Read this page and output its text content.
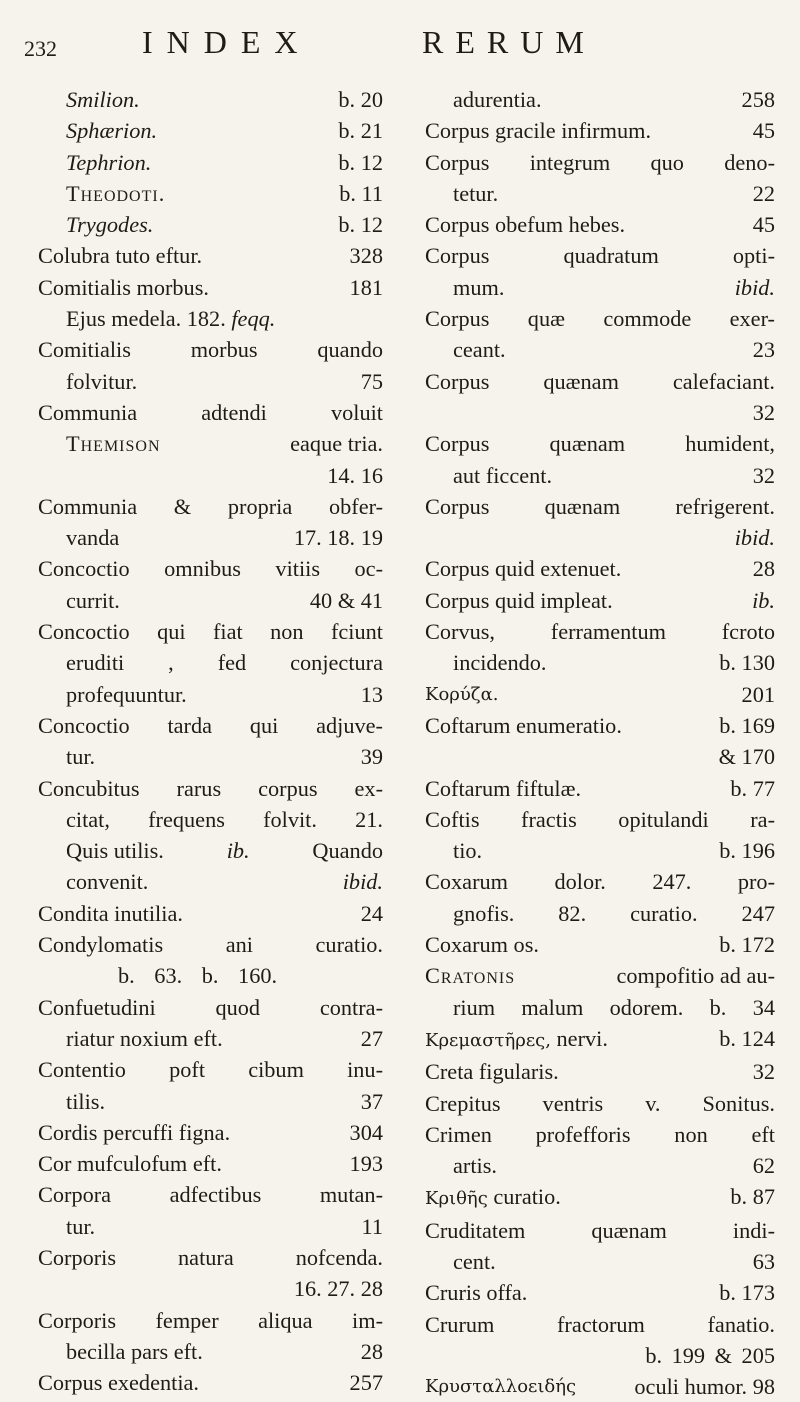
232	INDEX	RERUM
Smilion.	b. 20
Sphærion.	b. 21
Tephrion.	b. 12
Theodoti.	b. 11
Trygodes.	b. 12
Colubra tuto eftur.	328
Comitialis morbus.	181
Ejus medela. 182. feqq.
Comitialis morbus quando
folvitur.	75
Communia adtendi voluit
Themison	eaque tria.
14. 16
Communia & propria obfer-
vanda	17. 18. 19
Concoctio omnibus vitiis oc-
currit.	40 & 41
Concoctio qui fiat non fciunt
eruditi , fed conjectura
profequuntur.	13
Concoctio tarda qui adjuve-
tur.	39
Concubitus rarus corpus ex-
citat, frequens folvit. 21.
Quis utilis.	ib.	Quando
convenit.	ibid.
Condita inutilia.	24
Condylomatis ani curatio.
b. 63. b. 160.
Confuetudini quod contra-
riatur noxium eft.	27
Contentio poft cibum inu-
tilis.	37
Cordis percuffi figna.	304
Cor mufculofum eft.	193
Corpora adfectibus mutan-
tur.	11
Corporis natura nofcenda.
16. 27. 28
Corporis femper aliqua im-
becilla pars eft.	28
Corpus exedentia.	257
adurentia.	258
Corpus gracile infirmum.	45
Corpus integrum quo deno-
tetur.	22
Corpus obefum hebes.	45
Corpus quadratum opti-
mum.	ibid.
Corpus quæ commode exer-
ceant.	23
Corpus quænam calefaciant.
32
Corpus quænam humident,
aut ficcent.	32
Corpus quænam refrigerent.
ibid.
Corpus quid extenuet.	28
Corpus quid impleat.	ib.
Corvus, ferramentum fcroto
incidendo.	b. 130
Κορύζα.	201
Coftarum enumeratio.	b. 169
& 170
Coftarum fiftulæ.	b. 77
Coftis fractis opitulandi ra-
tio.	b. 196
Coxarum dolor. 247. pro-
gnofis. 82. curatio. 247
Coxarum os.	b. 172
Cratonis	compofitio ad au-
rium malum odorem. b. 34
Κρεμαστῆρες, nervi.	b. 124
Creta figularis.	32
Crepitus ventris v. Sonitus.
Crimen profefforis non eft
artis.	62
Κριθῆς curatio.	b. 87
Cruditatem quænam indi-
cent.	63
Cruris offa.	b. 173
Crurum fractorum fanatio.
b. 199 & 205
Κρυσταλλοειδής	oculi humor. 98
